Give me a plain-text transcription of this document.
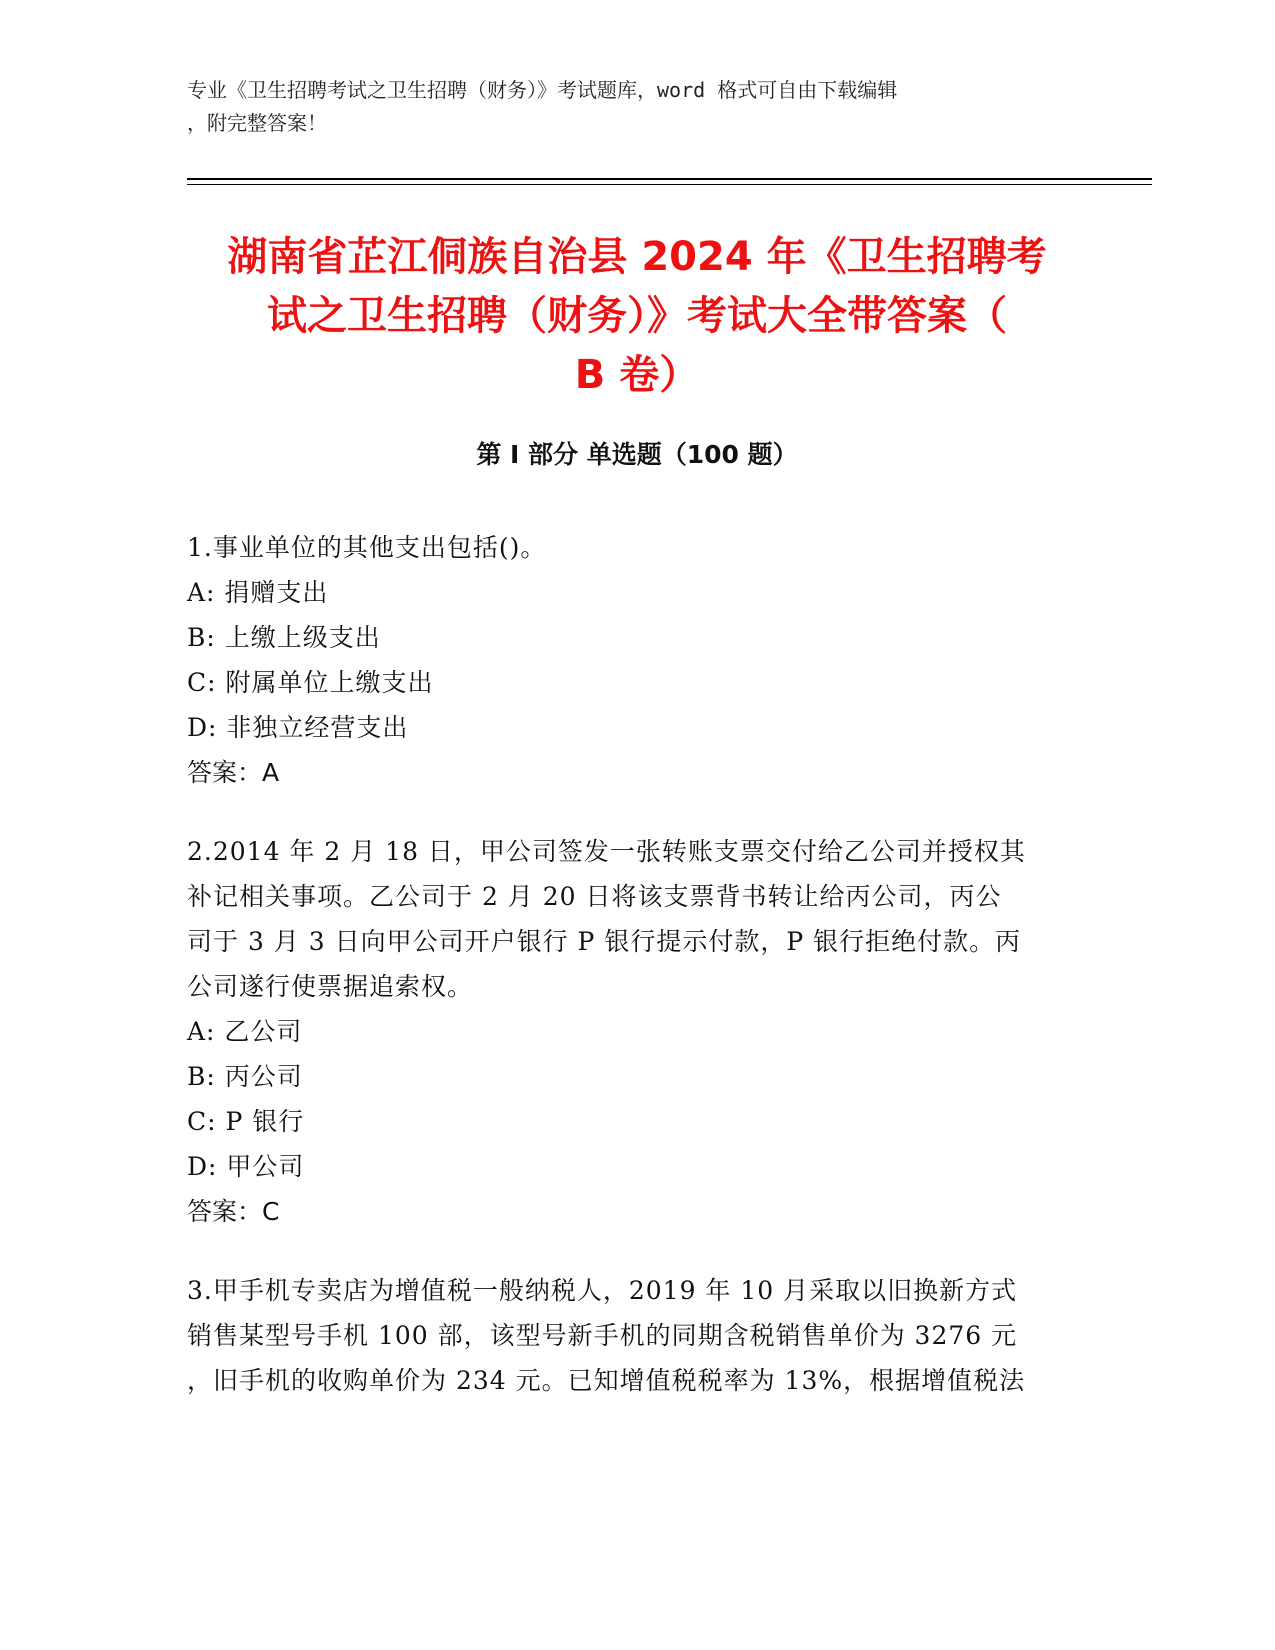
专业《卫生招聘考试之卫生招聘（财务）》考试题库，word 格式可自由下载编辑
，附完整答案！
湖南省芷江侗族自治县 2024 年《卫生招聘考
试之卫生招聘（财务）》考试大全带答案（
B 卷）
第 I 部分 单选题（100 题）

1.事业单位的其他支出包括()。

A: 捐赠支出

B: 上缴上级支出

C: 附属单位上缴支出

D: 非独立经营支出

答案：A

2.2014 年 2 月 18 日，甲公司签发一张转账支票交付给乙公司并授权其

补记相关事项。乙公司于 2 月 20 日将该支票背书转让给丙公司，丙公

司于 3 月 3 日向甲公司开户银行 P 银行提示付款，P 银行拒绝付款。丙

公司遂行使票据追索权。

A: 乙公司

B: 丙公司

C: P 银行

D: 甲公司

答案：C

3.甲手机专卖店为增值税一般纳税人，2019 年 10 月采取以旧换新方式

销售某型号手机 100 部，该型号新手机的同期含税销售单价为 3276 元

，旧手机的收购单价为 234 元。已知增值税税率为 13%，根据增值税法
